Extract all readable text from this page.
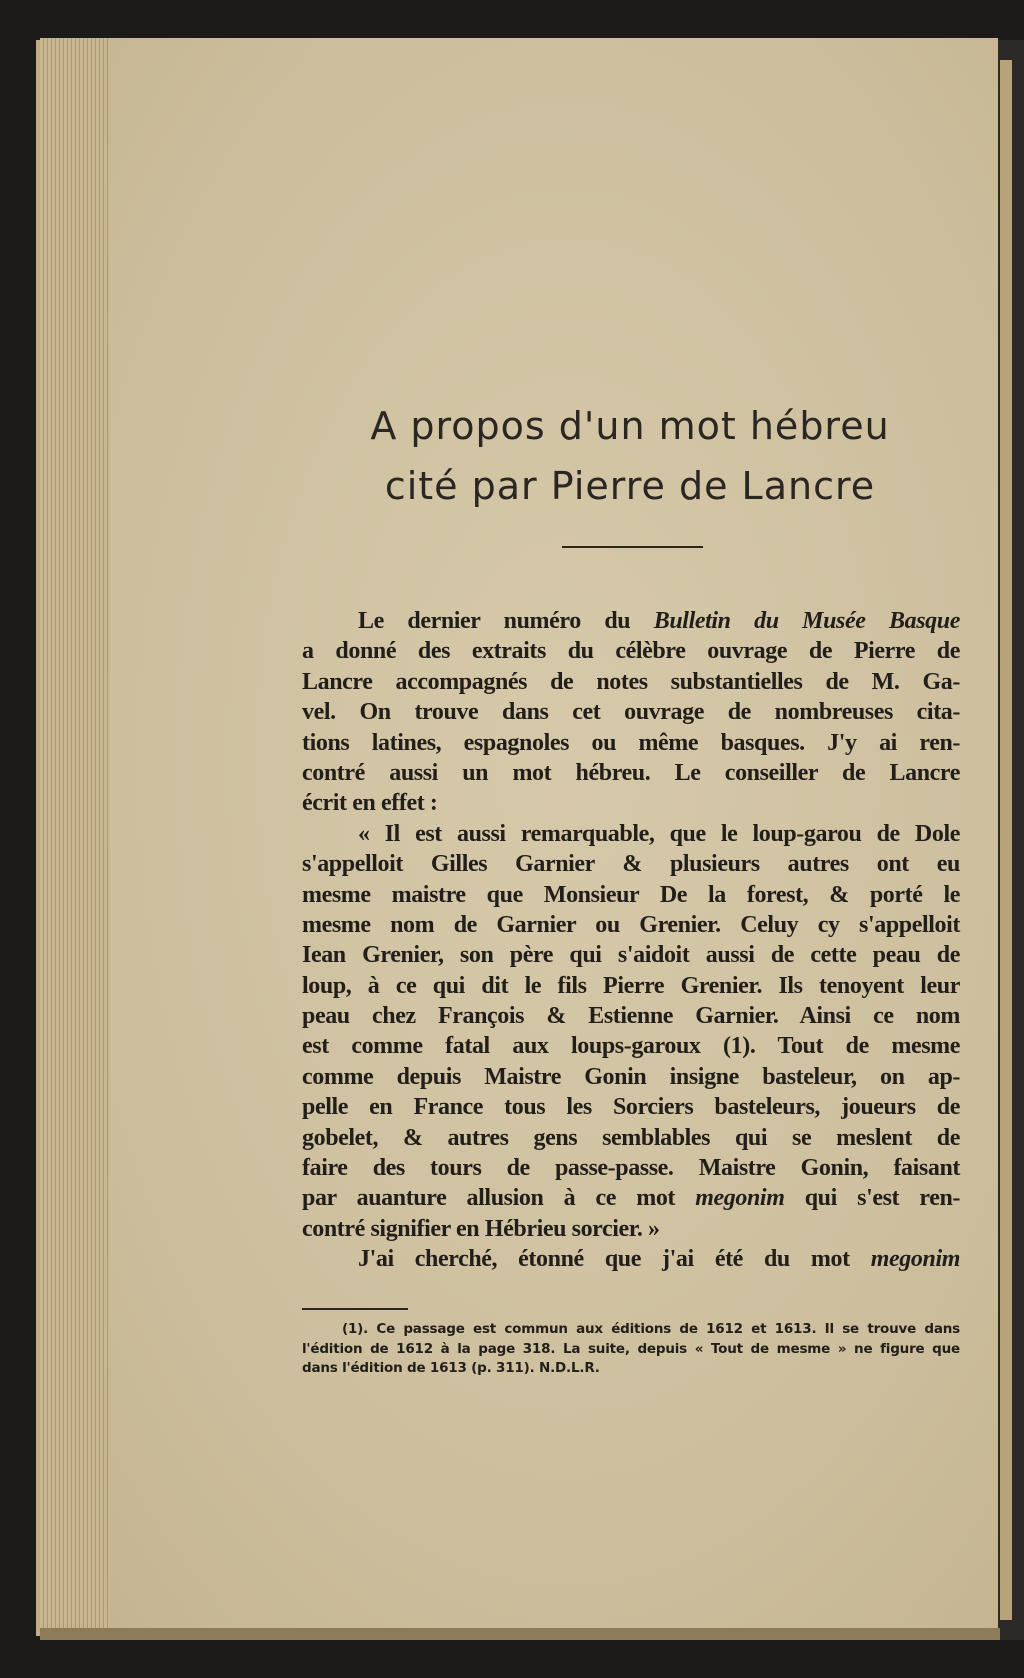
A propos d'un mot hébreu
cité par Pierre de Lancre
Le dernier numéro du Bulletin du Musée Basque
a donné des extraits du célèbre ouvrage de Pierre de
Lancre accompagnés de notes substantielles de M. Ga-
vel. On trouve dans cet ouvrage de nombreuses cita-
tions latines, espagnoles ou même basques. J'y ai ren-
contré aussi un mot hébreu. Le conseiller de Lancre
écrit en effet :
« Il est aussi remarquable, que le loup-garou de Dole
s'appelloit Gilles Garnier & plusieurs autres ont eu
mesme maistre que Monsieur De la forest, & porté le
mesme nom de Garnier ou Grenier. Celuy cy s'appelloit
Iean Grenier, son père qui s'aidoit aussi de cette peau de
loup, à ce qui dit le fils Pierre Grenier. Ils tenoyent leur
peau chez François & Estienne Garnier. Ainsi ce nom
est comme fatal aux loups-garoux (1). Tout de mesme
comme depuis Maistre Gonin insigne basteleur, on ap-
pelle en France tous les Sorciers basteleurs, joueurs de
gobelet, & autres gens semblables qui se meslent de
faire des tours de passe-passe. Maistre Gonin, faisant
par auanture allusion à ce mot megonim qui s'est ren-
contré signifier en Hébrieu sorcier. »
J'ai cherché, étonné que j'ai été du mot megonim
(1). Ce passage est commun aux éditions de 1612 et 1613. Il se trouve dans
l'édition de 1612 à la page 318. La suite, depuis « Tout de mesme » ne figure que
dans l'édition de 1613 (p. 311). N.D.L.R.
